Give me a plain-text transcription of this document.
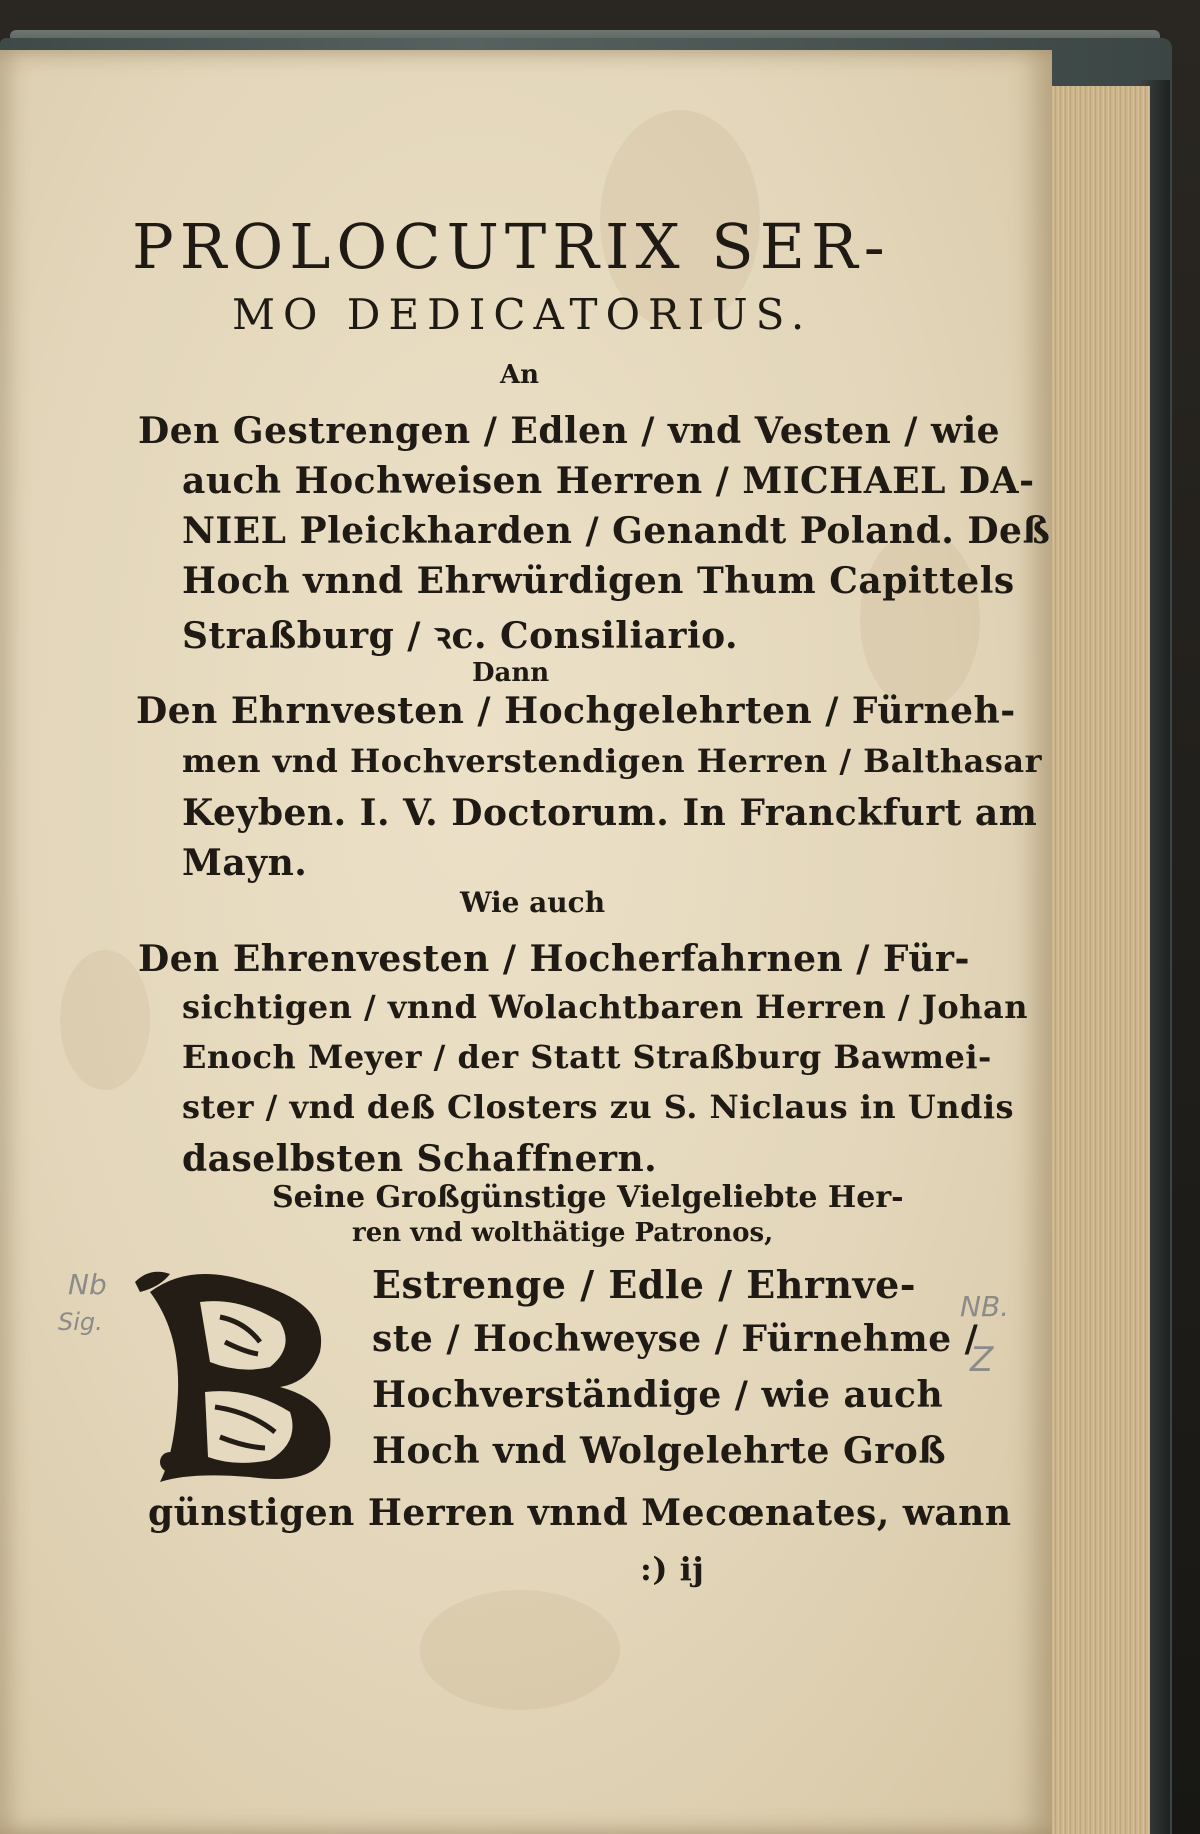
PROLOCUTRIX SER-
MO DEDICATORIUS.
An
Den Gestrengen / Edlen / vnd Vesten / wie
auch Hochweisen Herren / MICHAEL DA-
NIEL Pleickharden / Genandt Poland. Deß
Hoch vnnd Ehrwürdigen Thum Capittels
Straßburg / ꝛc. Consiliario.
Dann
Den Ehrnvesten / Hochgelehrten / Fürneh-
men vnd Hochverstendigen Herren / Balthasar
Keyben. I. V. Doctorum. In Franckfurt am
Mayn.
Wie auch
Den Ehrenvesten / Hocherfahrnen / Für-
sichtigen / vnnd Wolachtbaren Herren / Johan
Enoch Meyer / der Statt Straßburg Bawmei-
ster / vnd deß Closters zu S. Niclaus in Undis
daselbsten Schaffnern.
Seine Großgünstige Vielgeliebte Her-
ren vnd wolthätige Patronos,
Estrenge / Edle / Ehrnve-
ste / Hochweyse / Fürnehme /
Hochverständige / wie auch
Hoch vnd Wolgelehrte Groß
günstigen Herren vnnd Mecœnates, wann
:) ij
Nb
Sig.	NB.
Z
